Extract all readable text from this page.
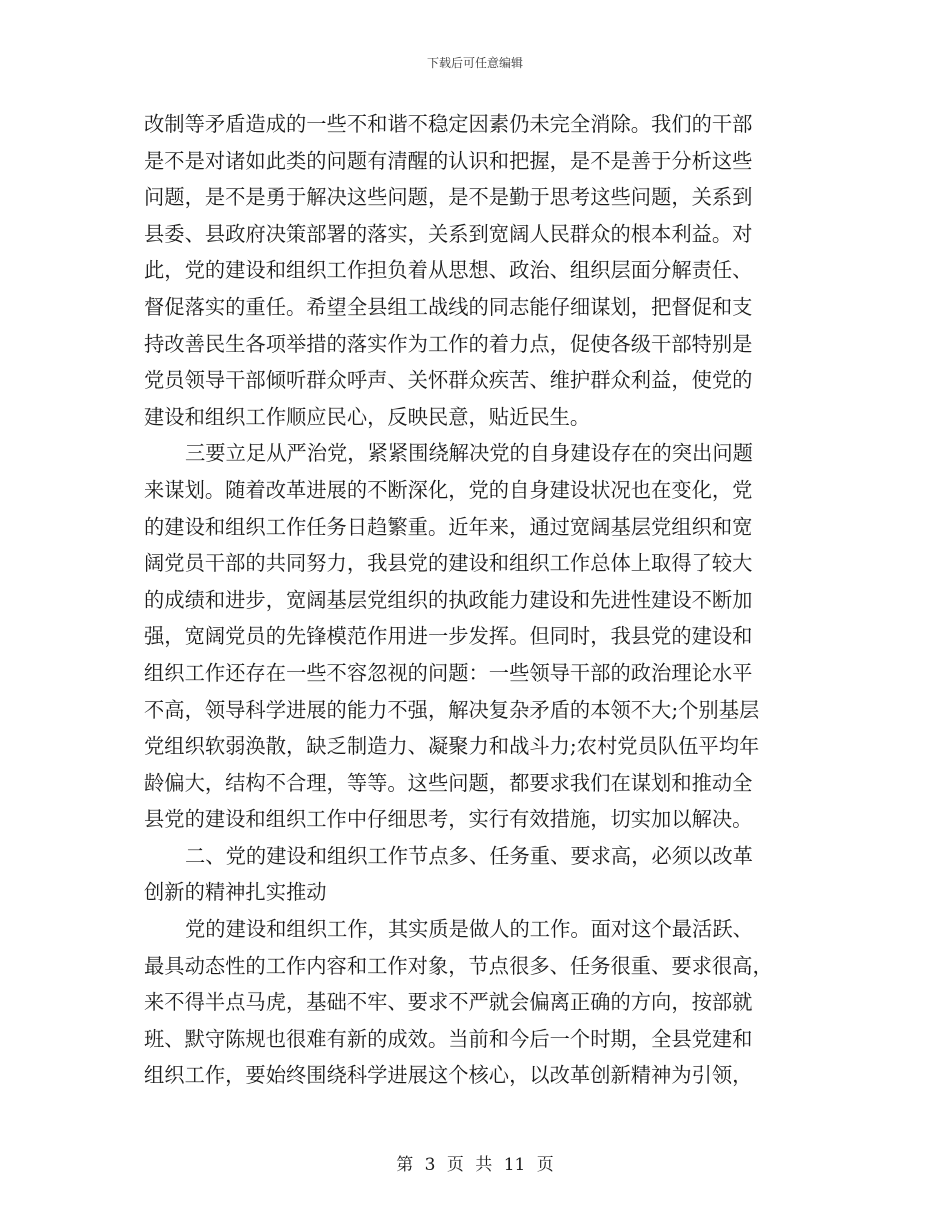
下载后可任意编辑
改制等矛盾造成的一些不和谐不稳定因素仍未完全消除。我们的干部
是不是对诸如此类的问题有清醒的认识和把握，是不是善于分析这些
问题，是不是勇于解决这些问题，是不是勤于思考这些问题，关系到
县委、县政府决策部署的落实，关系到宽阔人民群众的根本利益。对
此，党的建设和组织工作担负着从思想、政治、组织层面分解责任、
督促落实的重任。希望全县组工战线的同志能仔细谋划，把督促和支
持改善民生各项举措的落实作为工作的着力点，促使各级干部特别是
党员领导干部倾听群众呼声、关怀群众疾苦、维护群众利益，使党的
建设和组织工作顺应民心，反映民意，贴近民生。
三要立足从严治党，紧紧围绕解决党的自身建设存在的突出问题
来谋划。随着改革进展的不断深化，党的自身建设状况也在变化，党
的建设和组织工作任务日趋繁重。近年来，通过宽阔基层党组织和宽
阔党员干部的共同努力，我县党的建设和组织工作总体上取得了较大
的成绩和进步，宽阔基层党组织的执政能力建设和先进性建设不断加
强，宽阔党员的先锋模范作用进一步发挥。但同时，我县党的建设和
组织工作还存在一些不容忽视的问题：一些领导干部的政治理论水平
不高，领导科学进展的能力不强，解决复杂矛盾的本领不大;个别基层
党组织软弱涣散，缺乏制造力、凝聚力和战斗力;农村党员队伍平均年
龄偏大，结构不合理，等等。这些问题，都要求我们在谋划和推动全
县党的建设和组织工作中仔细思考，实行有效措施，切实加以解决。
二、党的建设和组织工作节点多、任务重、要求高，必须以改革
创新的精神扎实推动
党的建设和组织工作，其实质是做人的工作。面对这个最活跃、
最具动态性的工作内容和工作对象，节点很多、任务很重、要求很高，
来不得半点马虎，基础不牢、要求不严就会偏离正确的方向，按部就
班、默守陈规也很难有新的成效。当前和今后一个时期，全县党建和
组织工作，要始终围绕科学进展这个核心，以改革创新精神为引领，
第 3 页 共 11 页
